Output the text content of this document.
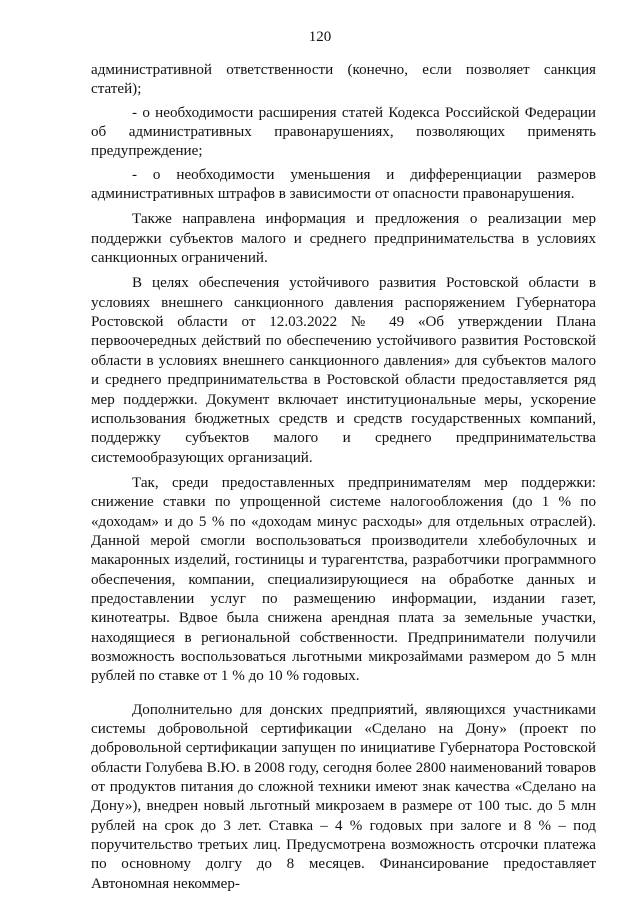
120

административной ответственности (конечно, если позволяет санкция статей);

- о необходимости расширения статей Кодекса Российской Федерации об административных правонарушениях, позволяющих применять предупреждение;

- о необходимости уменьшения и дифференциации размеров административных штрафов в зависимости от опасности правонарушения.

Также направлена информация и предложения о реализации мер поддержки субъектов малого и среднего предпринимательства в условиях санкционных ограничений.

В целях обеспечения устойчивого развития Ростовской области в условиях внешнего санкционного давления распоряжением Губернатора Ростовской области от 12.03.2022 № 49 «Об утверждении Плана первоочередных действий по обеспечению устойчивого развития Ростовской области в условиях внешнего санкционного давления» для субъектов малого и среднего предпринимательства в Ростовской области предоставляется ряд мер поддержки. Документ включает институциональные меры, ускорение использования бюджетных средств и средств государственных компаний, поддержку субъектов малого и среднего предпринимательства системообразующих организаций.

Так, среди предоставленных предпринимателям мер поддержки: снижение ставки по упрощенной системе налогообложения (до 1 % по «доходам» и до 5 % по «доходам минус расходы» для отдельных отраслей). Данной мерой смогли воспользоваться производители хлебобулочных и макаронных изделий, гостиницы и турагентства, разработчики программного обеспечения, компании, специализирующиеся на обработке данных и предоставлении услуг по размещению информации, издании газет, кинотеатры. Вдвое была снижена арендная плата за земельные участки, находящиеся в региональной собственности. Предприниматели получили возможность воспользоваться льготными микрозаймами размером до 5 млн рублей по ставке от 1 % до 10 % годовых.

Дополнительно для донских предприятий, являющихся участниками системы добровольной сертификации «Сделано на Дону» (проект по добровольной сертификации запущен по инициативе Губернатора Ростовской области Голубева В.Ю. в 2008 году, сегодня более 2800 наименований товаров от продуктов питания до сложной техники имеют знак качества «Сделано на Дону»), внедрен новый льготный микрозаем в размере от 100 тыс. до 5 млн рублей на срок до 3 лет. Ставка – 4 % годовых при залоге и 8 % – под поручительство третьих лиц. Предусмотрена возможность отсрочки платежа по основному долгу до 8 месяцев. Финансирование предоставляет Автономная некоммер-
